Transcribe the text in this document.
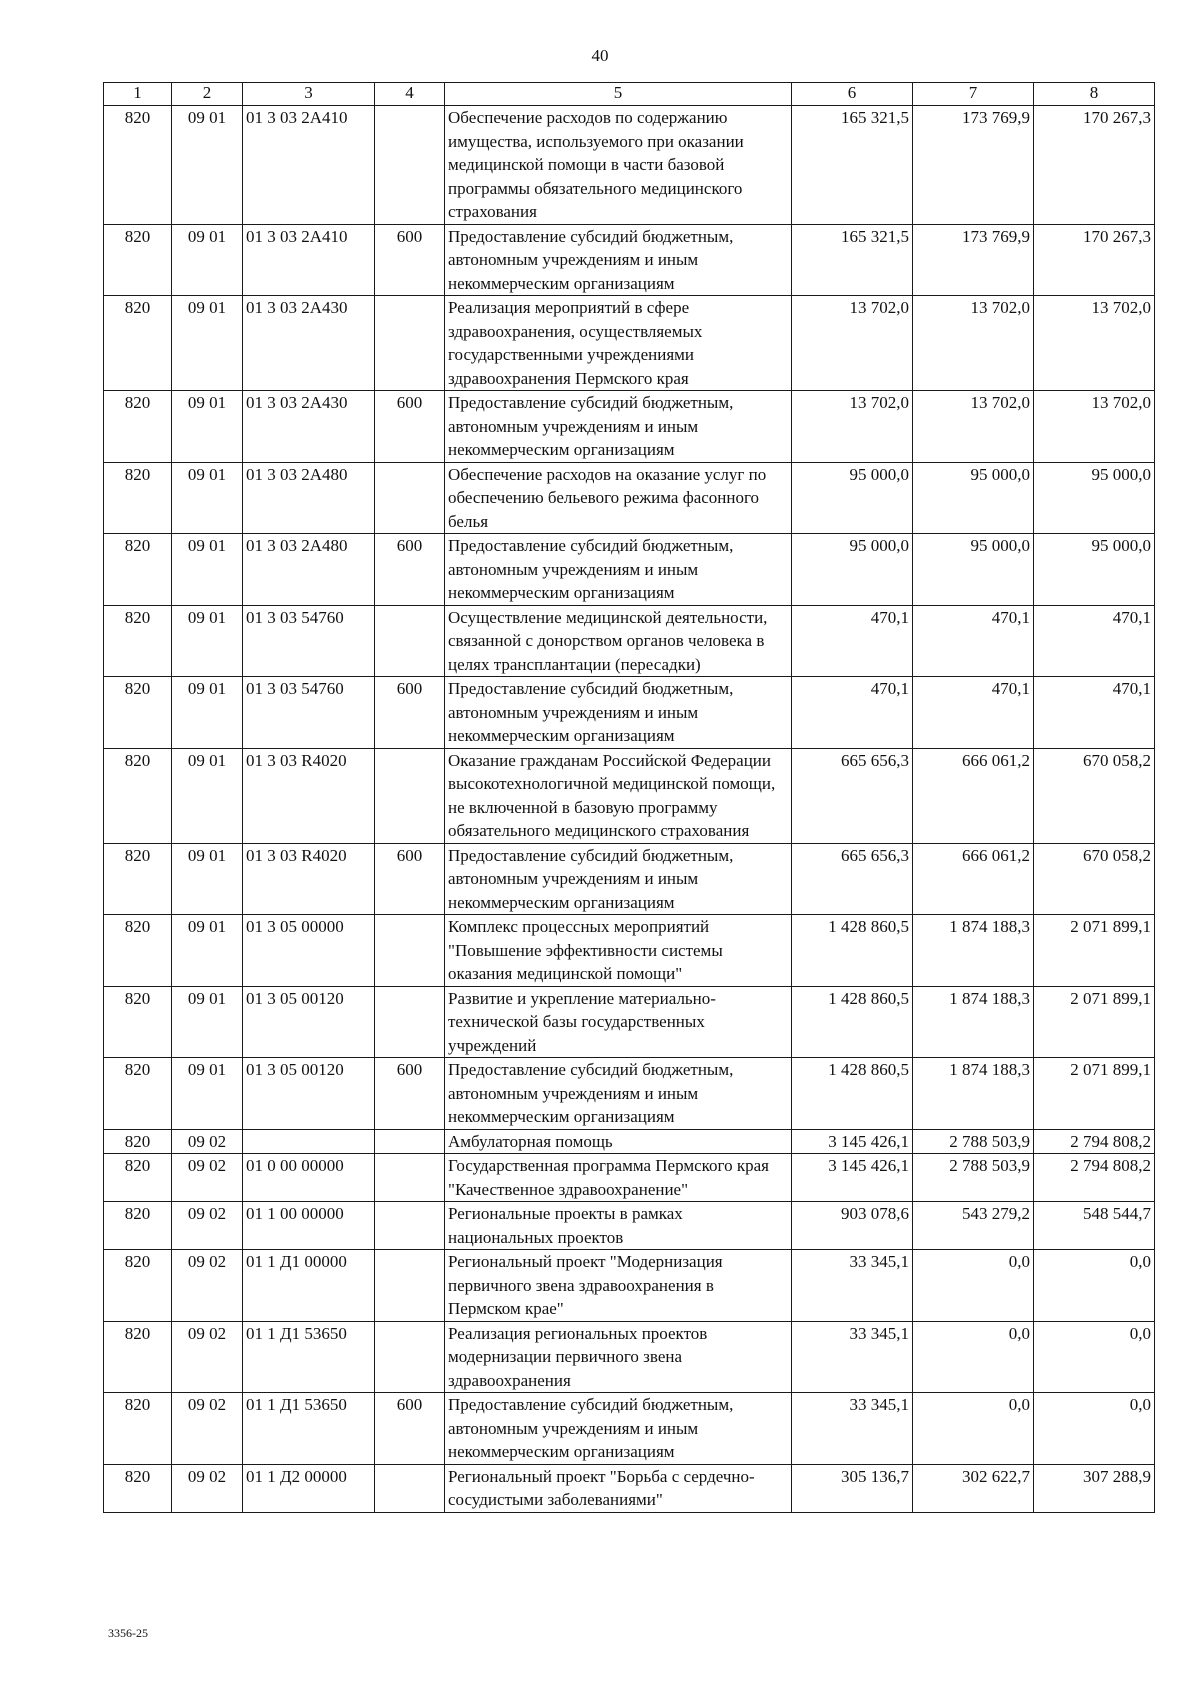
40
1	2	3	4	5	6	7	8
820	09 01	01 3 03 2А410		Обеспечение расходов по содержанию имущества, используемого при оказании медицинской помощи в части базовой программы обязательного медицинского страхования	165 321,5	173 769,9	170 267,3
820	09 01	01 3 03 2А410	600	Предоставление субсидий бюджетным, автономным учреждениям и иным некоммерческим организациям	165 321,5	173 769,9	170 267,3
820	09 01	01 3 03 2А430		Реализация мероприятий в сфере здравоохранения, осуществляемых государственными учреждениями здравоохранения Пермского края	13 702,0	13 702,0	13 702,0
820	09 01	01 3 03 2А430	600	Предоставление субсидий бюджетным, автономным учреждениям и иным некоммерческим организациям	13 702,0	13 702,0	13 702,0
820	09 01	01 3 03 2А480		Обеспечение расходов на оказание услуг по обеспечению бельевого режима фасонного белья	95 000,0	95 000,0	95 000,0
820	09 01	01 3 03 2А480	600	Предоставление субсидий бюджетным, автономным учреждениям и иным некоммерческим организациям	95 000,0	95 000,0	95 000,0
820	09 01	01 3 03 54760		Осуществление медицинской деятельности, связанной с донорством органов человека в целях трансплантации (пересадки)	470,1	470,1	470,1
820	09 01	01 3 03 54760	600	Предоставление субсидий бюджетным, автономным учреждениям и иным некоммерческим организациям	470,1	470,1	470,1
820	09 01	01 3 03 R4020		Оказание гражданам Российской Федерации высокотехнологичной медицинской помощи, не включенной в базовую программу обязательного медицинского страхования	665 656,3	666 061,2	670 058,2
820	09 01	01 3 03 R4020	600	Предоставление субсидий бюджетным, автономным учреждениям и иным некоммерческим организациям	665 656,3	666 061,2	670 058,2
820	09 01	01 3 05 00000		Комплекс процессных мероприятий "Повышение эффективности системы оказания медицинской помощи"	1 428 860,5	1 874 188,3	2 071 899,1
820	09 01	01 3 05 00120		Развитие и укрепление материально-технической базы государственных учреждений	1 428 860,5	1 874 188,3	2 071 899,1
820	09 01	01 3 05 00120	600	Предоставление субсидий бюджетным, автономным учреждениям и иным некоммерческим организациям	1 428 860,5	1 874 188,3	2 071 899,1
820	09 02			Амбулаторная помощь	3 145 426,1	2 788 503,9	2 794 808,2
820	09 02	01 0 00 00000		Государственная программа Пермского края "Качественное здравоохранение"	3 145 426,1	2 788 503,9	2 794 808,2
820	09 02	01 1 00 00000		Региональные проекты в рамках национальных проектов	903 078,6	543 279,2	548 544,7
820	09 02	01 1 Д1 00000		Региональный проект "Модернизация первичного звена здравоохранения в Пермском крае"	33 345,1	0,0	0,0
820	09 02	01 1 Д1 53650		Реализация региональных проектов модернизации первичного звена здравоохранения	33 345,1	0,0	0,0
820	09 02	01 1 Д1 53650	600	Предоставление субсидий бюджетным, автономным учреждениям и иным некоммерческим организациям	33 345,1	0,0	0,0
820	09 02	01 1 Д2 00000		Региональный проект "Борьба с сердечно-сосудистыми заболеваниями"	305 136,7	302 622,7	307 288,9
3356-25
